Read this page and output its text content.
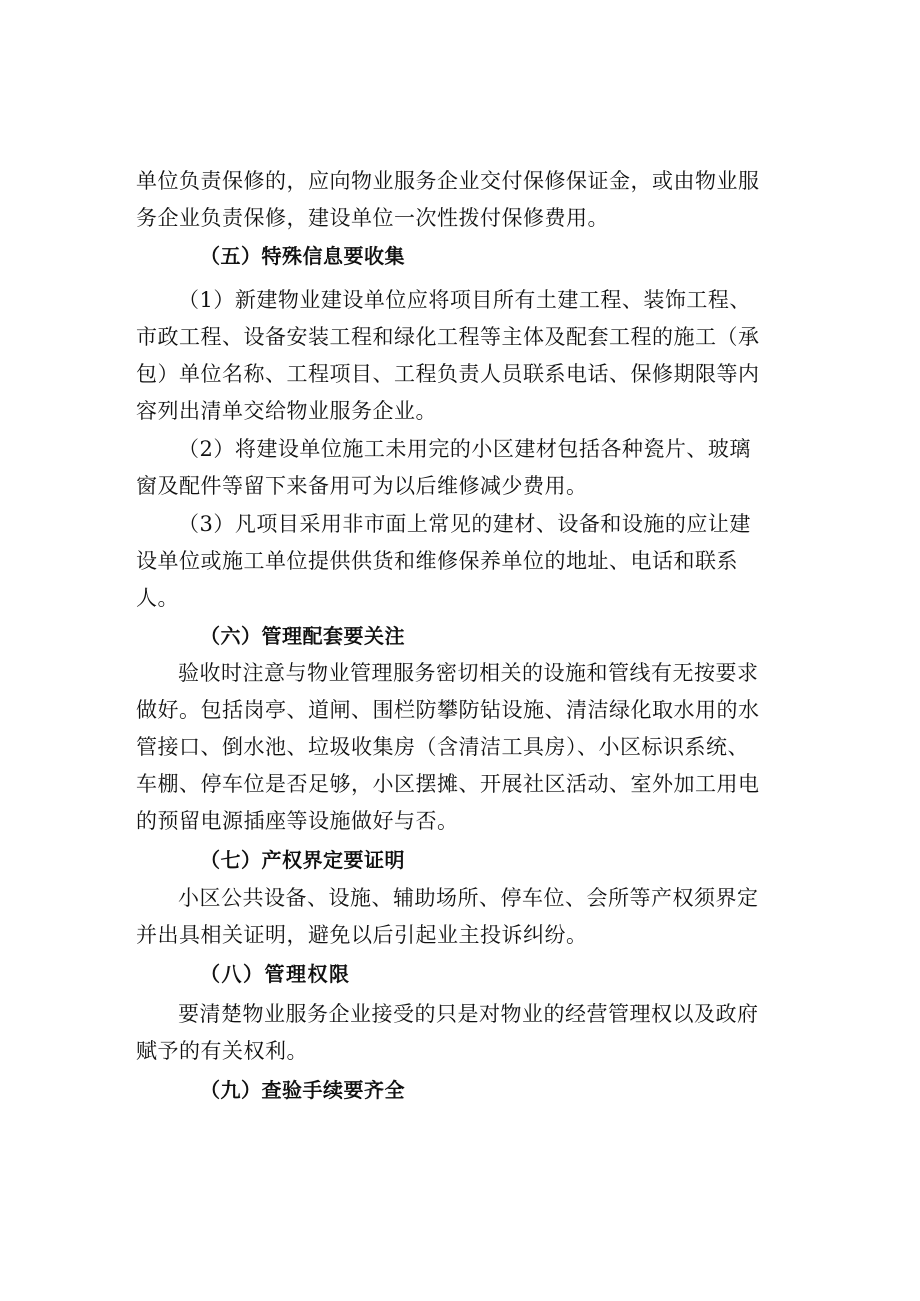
单位负责保修的，应向物业服务企业交付保修保证金，或由物业服
务企业负责保修，建设单位一次性拨付保修费用。
（五）特殊信息要收集
（1）新建物业建设单位应将项目所有土建工程、装饰工程、
市政工程、设备安装工程和绿化工程等主体及配套工程的施工（承
包）单位名称、工程项目、工程负责人员联系电话、保修期限等内
容列出清单交给物业服务企业。
（2）将建设单位施工未用完的小区建材包括各种瓷片、玻璃
窗及配件等留下来备用可为以后维修减少费用。
（3）凡项目采用非市面上常见的建材、设备和设施的应让建
设单位或施工单位提供供货和维修保养单位的地址、电话和联系
人。
（六）管理配套要关注
验收时注意与物业管理服务密切相关的设施和管线有无按要求
做好。包括岗亭、道闸、围栏防攀防钻设施、清洁绿化取水用的水
管接口、倒水池、垃圾收集房（含清洁工具房）、小区标识系统、
车棚、停车位是否足够，小区摆摊、开展社区活动、室外加工用电
的预留电源插座等设施做好与否。
（七）产权界定要证明
小区公共设备、设施、辅助场所、停车位、会所等产权须界定
并出具相关证明，避免以后引起业主投诉纠纷。
（八）管理权限
要清楚物业服务企业接受的只是对物业的经营管理权以及政府
赋予的有关权利。
（九）查验手续要齐全
